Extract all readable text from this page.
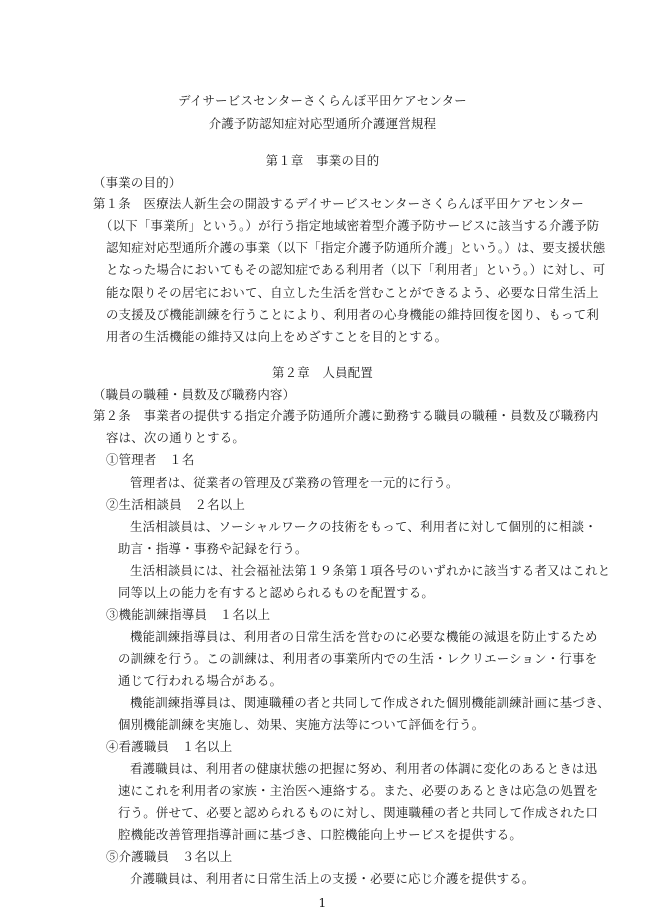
デイサービスセンターさくらんぼ平田ケアセンター
介護予防認知症対応型通所介護運営規程
第１章　事業の目的
（事業の目的）
第１条　医療法人新生会の開設するデイサービスセンターさくらんぼ平田ケアセンター
（以下「事業所」という。）が行う指定地域密着型介護予防サービスに該当する介護予防
認知症対応型通所介護の事業（以下「指定介護予防通所介護」という。）は、要支援状態
となった場合においてもその認知症である利用者（以下「利用者」という。）に対し、可
能な限りその居宅において、自立した生活を営むことができるよう、必要な日常生活上
の支援及び機能訓練を行うことにより、利用者の心身機能の維持回復を図り、もって利
用者の生活機能の維持又は向上をめざすことを目的とする。
第２章　人員配置
（職員の職種・員数及び職務内容）
第２条　事業者の提供する指定介護予防通所介護に勤務する職員の職種・員数及び職務内
容は、次の通りとする。
①管理者　１名
管理者は、従業者の管理及び業務の管理を一元的に行う。
②生活相談員　２名以上
生活相談員は、ソーシャルワークの技術をもって、利用者に対して個別的に相談・
助言・指導・事務や記録を行う。
生活相談員には、社会福祉法第１９条第１項各号のいずれかに該当する者又はこれと
同等以上の能力を有すると認められるものを配置する。
③機能訓練指導員　１名以上
機能訓練指導員は、利用者の日常生活を営むのに必要な機能の減退を防止するため
の訓練を行う。この訓練は、利用者の事業所内での生活・レクリエーション・行事を
通じて行われる場合がある。
機能訓練指導員は、関連職種の者と共同して作成された個別機能訓練計画に基づき、
個別機能訓練を実施し、効果、実施方法等について評価を行う。
④看護職員　１名以上
看護職員は、利用者の健康状態の把握に努め、利用者の体調に変化のあるときは迅
速にこれを利用者の家族・主治医へ連絡する。また、必要のあるときは応急の処置を
行う。併せて、必要と認められるものに対し、関連職種の者と共同して作成された口
腔機能改善管理指導計画に基づき、口腔機能向上サービスを提供する。
⑤介護職員　３名以上
介護職員は、利用者に日常生活上の支援・必要に応じ介護を提供する。
1
